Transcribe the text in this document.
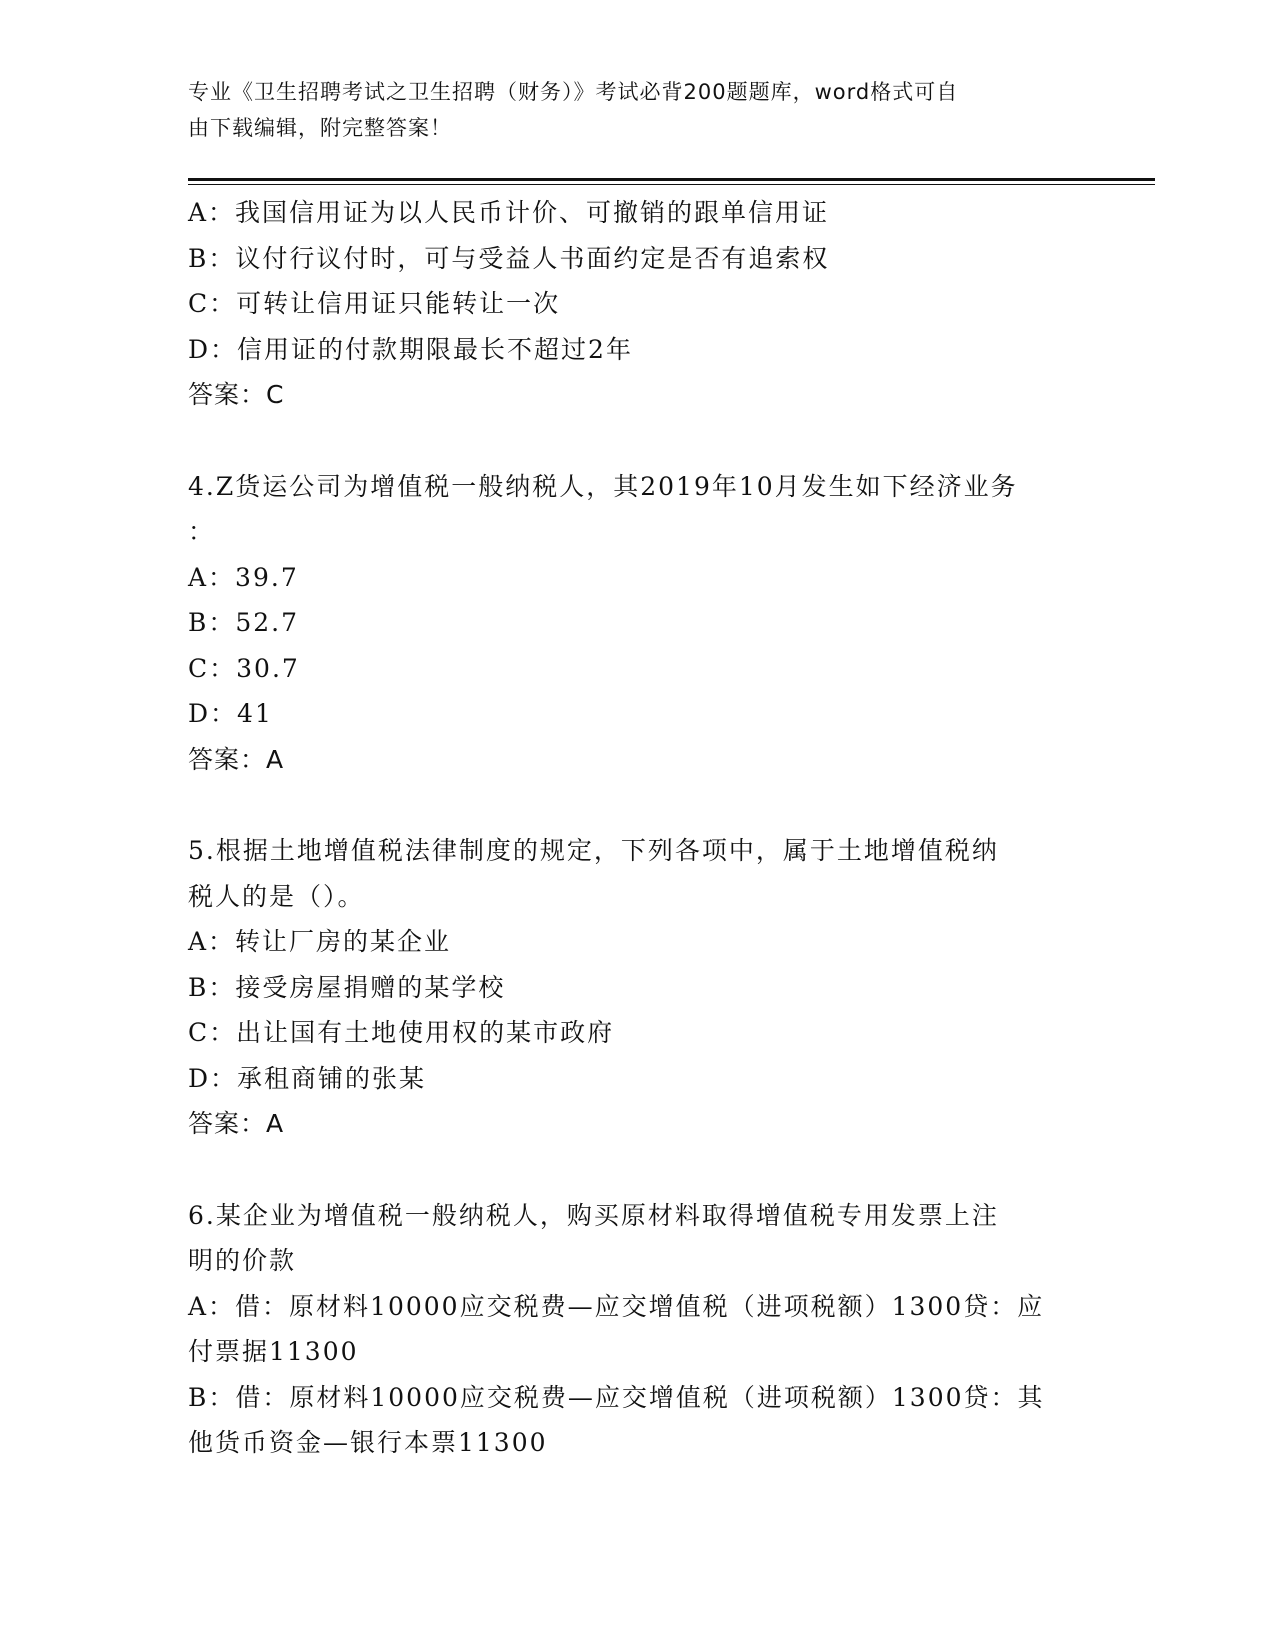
专业《卫生招聘考试之卫生招聘（财务）》考试必背200题题库，word格式可自
由下载编辑，附完整答案！
A：我国信用证为以人民币计价、可撤销的跟单信用证
B：议付行议付时，可与受益人书面约定是否有追索权
C：可转让信用证只能转让一次
D：信用证的付款期限最长不超过2年
答案：C
4.Z货运公司为增值税一般纳税人，其2019年10月发生如下经济业务
：
A：39.7
B：52.7
C：30.7
D：41
答案：A
5.根据土地增值税法律制度的规定，下列各项中，属于土地增值税纳
税人的是（）。
A：转让厂房的某企业
B：接受房屋捐赠的某学校
C：出让国有土地使用权的某市政府
D：承租商铺的张某
答案：A
6.某企业为增值税一般纳税人，购买原材料取得增值税专用发票上注
明的价款
A：借：原材料10000应交税费—应交增值税（进项税额）1300贷：应
付票据11300
B：借：原材料10000应交税费—应交增值税（进项税额）1300贷：其
他货币资金—银行本票11300
